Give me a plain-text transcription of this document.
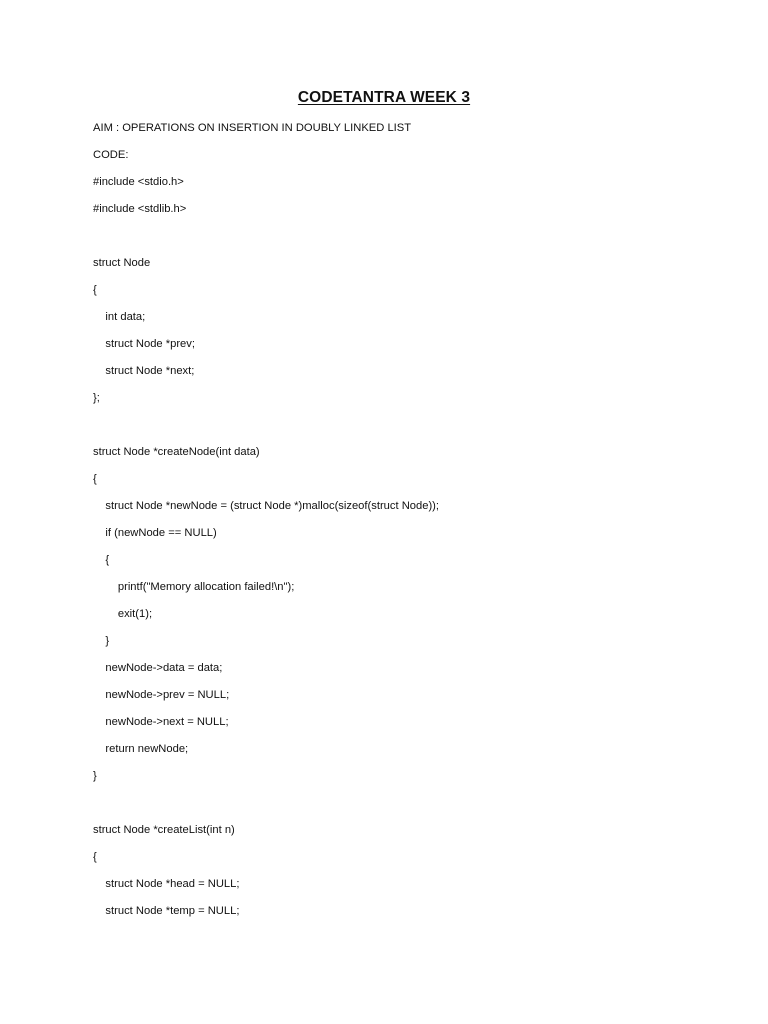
CODETANTRA WEEK 3

AIM : OPERATIONS ON INSERTION IN DOUBLY LINKED LIST

CODE:

#include <stdio.h>

#include <stdlib.h>

struct Node

{

int data;

struct Node *prev;

struct Node *next;

};

struct Node *createNode(int data)

{

struct Node *newNode = (struct Node *)malloc(sizeof(struct Node));

if (newNode == NULL)

{

printf("Memory allocation failed!\n");

exit(1);

}

newNode->data = data;

newNode->prev = NULL;

newNode->next = NULL;

return newNode;

}

struct Node *createList(int n)

{

struct Node *head = NULL;

struct Node *temp = NULL;
